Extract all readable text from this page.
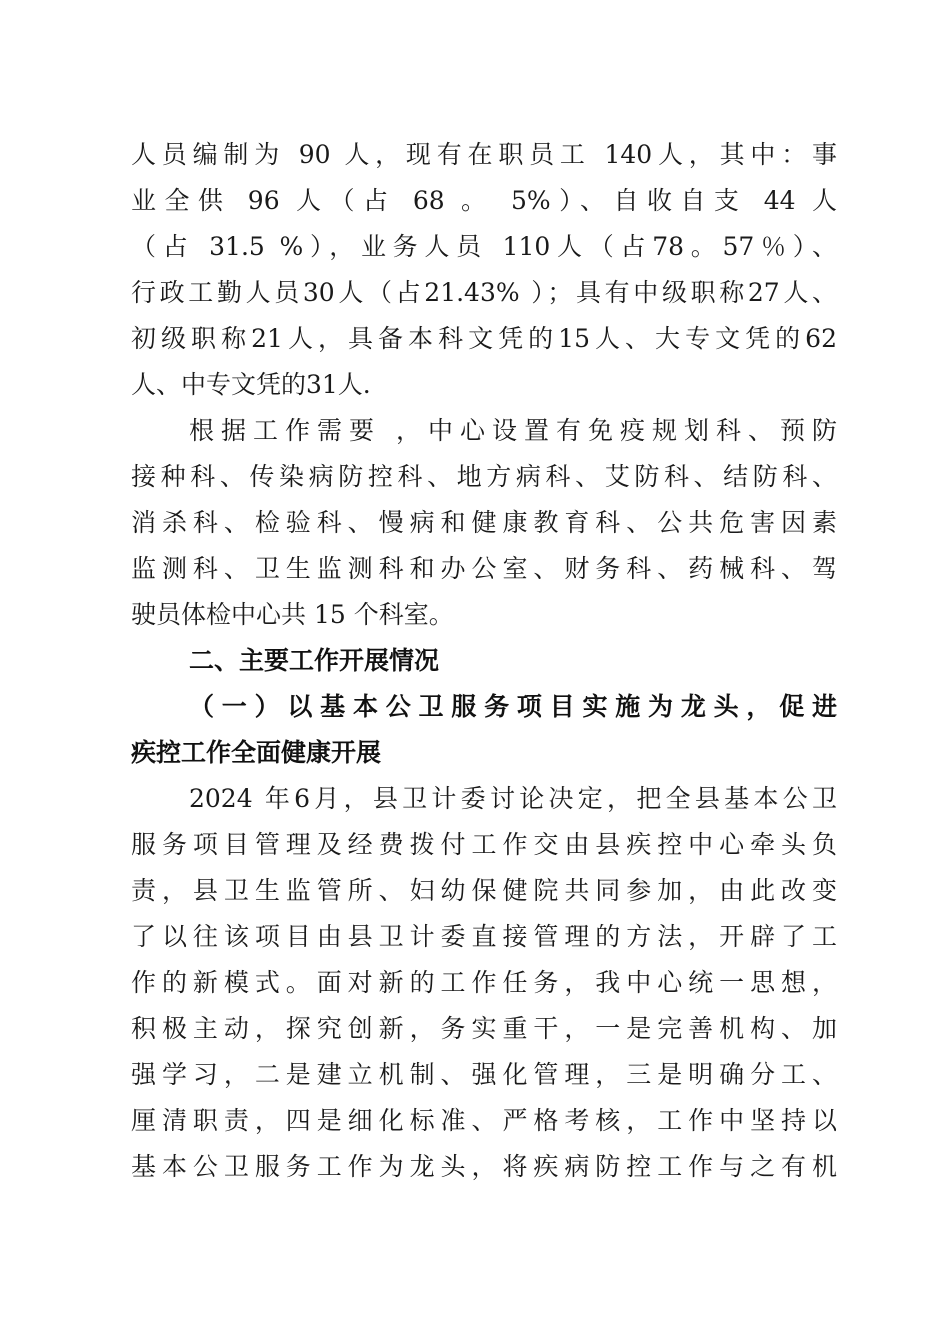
人员编制为 90 人，现有在职员工 140人，其中：事
业全供 96 人（占 68 。 5%）、自收自支 44 人
（占 31.5 %），业务人员 110人（占78。57％）、
行政工勤人员30人（占21.43% ）；具有中级职称27人、
初级职称21人，具备本科文凭的15人、大专文凭的62
人、中专文凭的31人.
根据工作需要 ，中心设置有免疫规划科、预防
接种科、传染病防控科、地方病科、艾防科、结防科、
消杀科、检验科、慢病和健康教育科、公共危害因素
监测科、卫生监测科和办公室、财务科、药械科、驾
驶员体检中心共 15 个科室。
二、主要工作开展情况
（一）以基本公卫服务项目实施为龙头，促进
疾控工作全面健康开展
2024 年6月，县卫计委讨论决定，把全县基本公卫
服务项目管理及经费拨付工作交由县疾控中心牵头负
责，县卫生监管所、妇幼保健院共同参加，由此改变
了以往该项目由县卫计委直接管理的方法，开辟了工
作的新模式。面对新的工作任务，我中心统一思想，
积极主动，探究创新，务实重干，一是完善机构、加
强学习，二是建立机制、强化管理，三是明确分工、
厘清职责，四是细化标准、严格考核，工作中坚持以
基本公卫服务工作为龙头，将疾病防控工作与之有机
